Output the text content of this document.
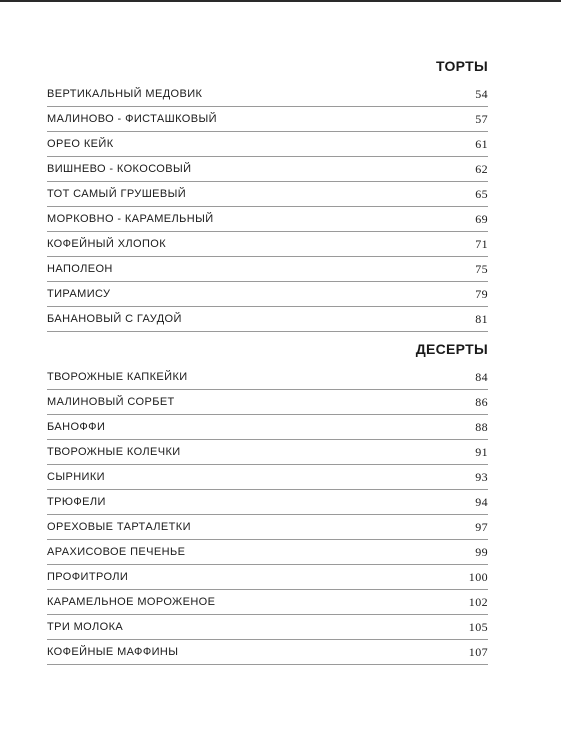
ТОРТЫ
ВЕРТИКАЛЬНЫЙ МЕДОВИК	54
МАЛИНОВО - ФИСТАШКОВЫЙ	57
ОРЕО КЕЙК	61
ВИШНЕВО - КОКОСОВЫЙ	62
ТОТ САМЫЙ ГРУШЕВЫЙ	65
МОРКОВНО - КАРАМЕЛЬНЫЙ	69
КОФЕЙНЫЙ ХЛОПОК	71
НАПОЛЕОН	75
ТИРАМИСУ	79
БАНАНОВЫЙ С ГАУДОЙ	81
ДЕСЕРТЫ
ТВОРОЖНЫЕ КАПКЕЙКИ	84
МАЛИНОВЫЙ СОРБЕТ	86
БАНОФФИ	88
ТВОРОЖНЫЕ КОЛЕЧКИ	91
СЫРНИКИ	93
ТРЮФЕЛИ	94
ОРЕХОВЫЕ ТАРТАЛЕТКИ	97
АРАХИСОВОЕ ПЕЧЕНЬЕ	99
ПРОФИТРОЛИ	100
КАРАМЕЛЬНОЕ МОРОЖЕНОЕ	102
ТРИ МОЛОКА	105
КОФЕЙНЫЕ МАФФИНЫ	107
